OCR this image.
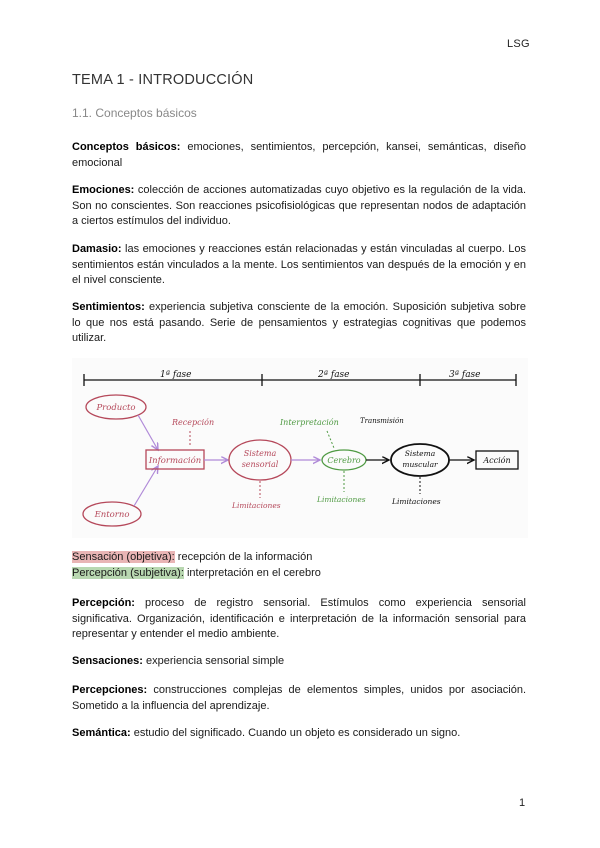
LSG
TEMA 1 - INTRODUCCIÓN
1.1. Conceptos básicos
Conceptos básicos: emociones, sentimientos, percepción, kansei, semánticas, diseño emocional
Emociones: colección de acciones automatizadas cuyo objetivo es la regulación de la vida. Son no conscientes. Son reacciones psicofisiológicas que representan nodos de adaptación a ciertos estímulos del individuo.
Damasio: las emociones y reacciones están relacionadas y están vinculadas al cuerpo. Los sentimientos están vinculados a la mente. Los sentimientos van después de la emoción y en el nivel consciente.
Sentimientos: experiencia subjetiva consciente de la emoción. Suposición subjetiva sobre lo que nos está pasando. Serie de pensamientos y estrategias cognitivas que podemos utilizar.
1ª fase	2ª fase	3ª fase
Producto
Entorno
Información
Sistema
sensorial
Recepción
Limitaciones
Cerebro
Interpretación
Limitaciones
Transmisión
Sistema
muscular
Limitaciones
Acción
Sensación (objetiva): recepción de la información
Percepción (subjetiva): interpretación en el cerebro
Percepción: proceso de registro sensorial. Estímulos como experiencia sensorial significativa. Organización, identificación e interpretación de la información sensorial para representar y entender el medio ambiente.
Sensaciones: experiencia sensorial simple
Percepciones: construcciones complejas de elementos simples, unidos por asociación. Sometido a la influencia del aprendizaje.
Semántica: estudio del significado. Cuando un objeto es considerado un signo.
1
